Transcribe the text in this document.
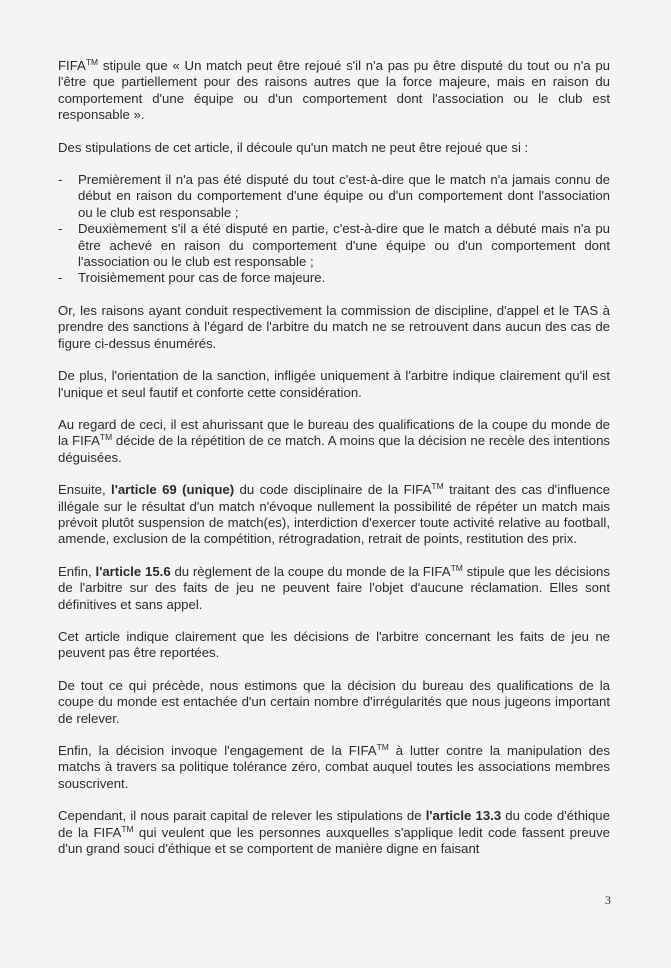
FIFA™ stipule que « Un match peut être rejoué s'il n'a pas pu être disputé du tout ou n'a pu l'être que partiellement pour des raisons autres que la force majeure, mais en raison du comportement d'une équipe ou d'un comportement dont l'association ou le club est responsable ».

Des stipulations de cet article, il découle qu'un match ne peut être rejoué que si :

- Premièrement il n'a pas été disputé du tout c'est-à-dire que le match n'a jamais connu de début en raison du comportement d'une équipe ou d'un comportement dont l'association ou le club est responsable ;
- Deuxièmement s'il a été disputé en partie, c'est-à-dire que le match a débuté mais n'a pu être achevé en raison du comportement d'une équipe ou d'un comportement dont l'association ou le club est responsable ;
- Troisièmement pour cas de force majeure.

Or, les raisons ayant conduit respectivement la commission de discipline, d'appel et le TAS à prendre des sanctions à l'égard de l'arbitre du match ne se retrouvent dans aucun des cas de figure ci-dessus énumérés.

De plus, l'orientation de la sanction, infligée uniquement à l'arbitre indique clairement qu'il est l'unique et seul fautif et conforte cette considération.

Au regard de ceci, il est ahurissant que le bureau des qualifications de la coupe du monde de la FIFA™ décide de la répétition de ce match. A moins que la décision ne recèle des intentions déguisées.

Ensuite, l'article 69 (unique) du code disciplinaire de la FIFA™ traitant des cas d'influence illégale sur le résultat d'un match n'évoque nullement la possibilité de répéter un match mais prévoit plutôt suspension de match(es), interdiction d'exercer toute activité relative au football, amende, exclusion de la compétition, rétrogradation, retrait de points, restitution des prix.

Enfin, l'article 15.6 du règlement de la coupe du monde de la FIFA™ stipule que les décisions de l'arbitre sur des faits de jeu ne peuvent faire l'objet d'aucune réclamation. Elles sont définitives et sans appel.

Cet article indique clairement que les décisions de l'arbitre concernant les faits de jeu ne peuvent pas être reportées.

De tout ce qui précède, nous estimons que la décision du bureau des qualifications de la coupe du monde est entachée d'un certain nombre d'irrégularités que nous jugeons important de relever.

Enfin, la décision invoque l'engagement de la FIFA™ à lutter contre la manipulation des matchs à travers sa politique tolérance zéro, combat auquel toutes les associations membres souscrivent.

Cependant, il nous parait capital de relever les stipulations de l'article 13.3 du code d'éthique de la FIFA™ qui veulent que les personnes auxquelles s'applique ledit code fassent preuve d'un grand souci d'éthique et se comportent de manière digne en faisant

3
